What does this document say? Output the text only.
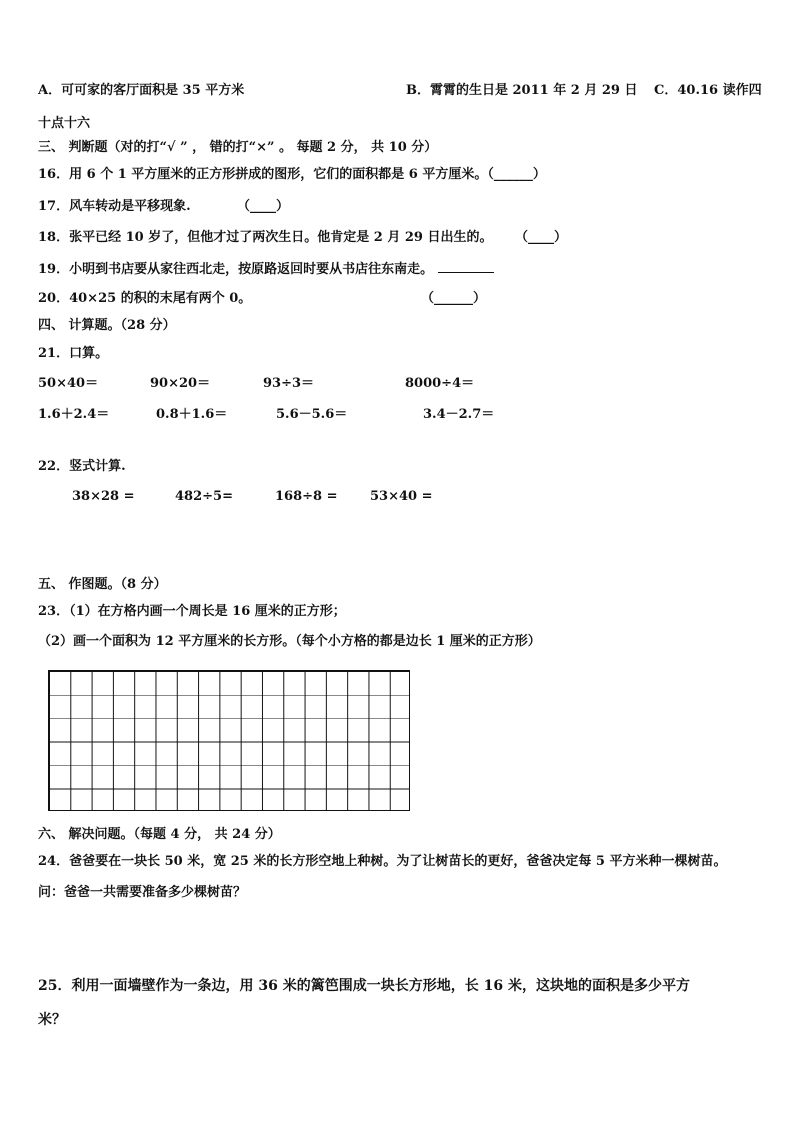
A．可可家的客厅面积是 35 平方米	B．霄霄的生日是 2011 年 2 月 29 日 C．40.16 读作四
十点十六
三、 判断题（对的打“√ ” ， 错的打“×” 。 每题 2 分， 共 10 分）
16．用 6 个 1 平方厘米的正方形拼成的图形，它们的面积都是 6 平方厘米。（______）
17．风车转动是平移现象.	（____）
18．张平已经 10 岁了，但他才过了两次生日。他肯定是 2 月 29 日出生的。 （____）
19．小明到书店要从家往西北走，按原路返回时要从书店往东南走。
20．40×25 的积的末尾有两个 0。	（______）
四、 计算题。（28 分）
21．口算。
50×40＝	90×20＝	93÷3＝	8000÷4＝
1.6＋2.4＝	0.8＋1.6＝	5.6－5.6＝	3.4－2.7＝
22．竖式计算.
38×28 =	482÷5=	168÷8 =	53×40 =
五、 作图题。（8 分）
23．（1）在方格内画一个周长是 16 厘米的正方形；
（2）画一个面积为 12 平方厘米的长方形。（每个小方格的都是边长 1 厘米的正方形）
六、 解决问题。（每题 4 分， 共 24 分）
24．爸爸要在一块长 50 米，宽 25 米的长方形空地上种树。为了让树苗长的更好，爸爸决定每 5 平方米种一棵树苗。
问：爸爸一共需要准备多少棵树苗？
25．利用一面墙壁作为一条边，用 36 米的篱笆围成一块长方形地，长 16 米，这块地的面积是多少平方
米？
